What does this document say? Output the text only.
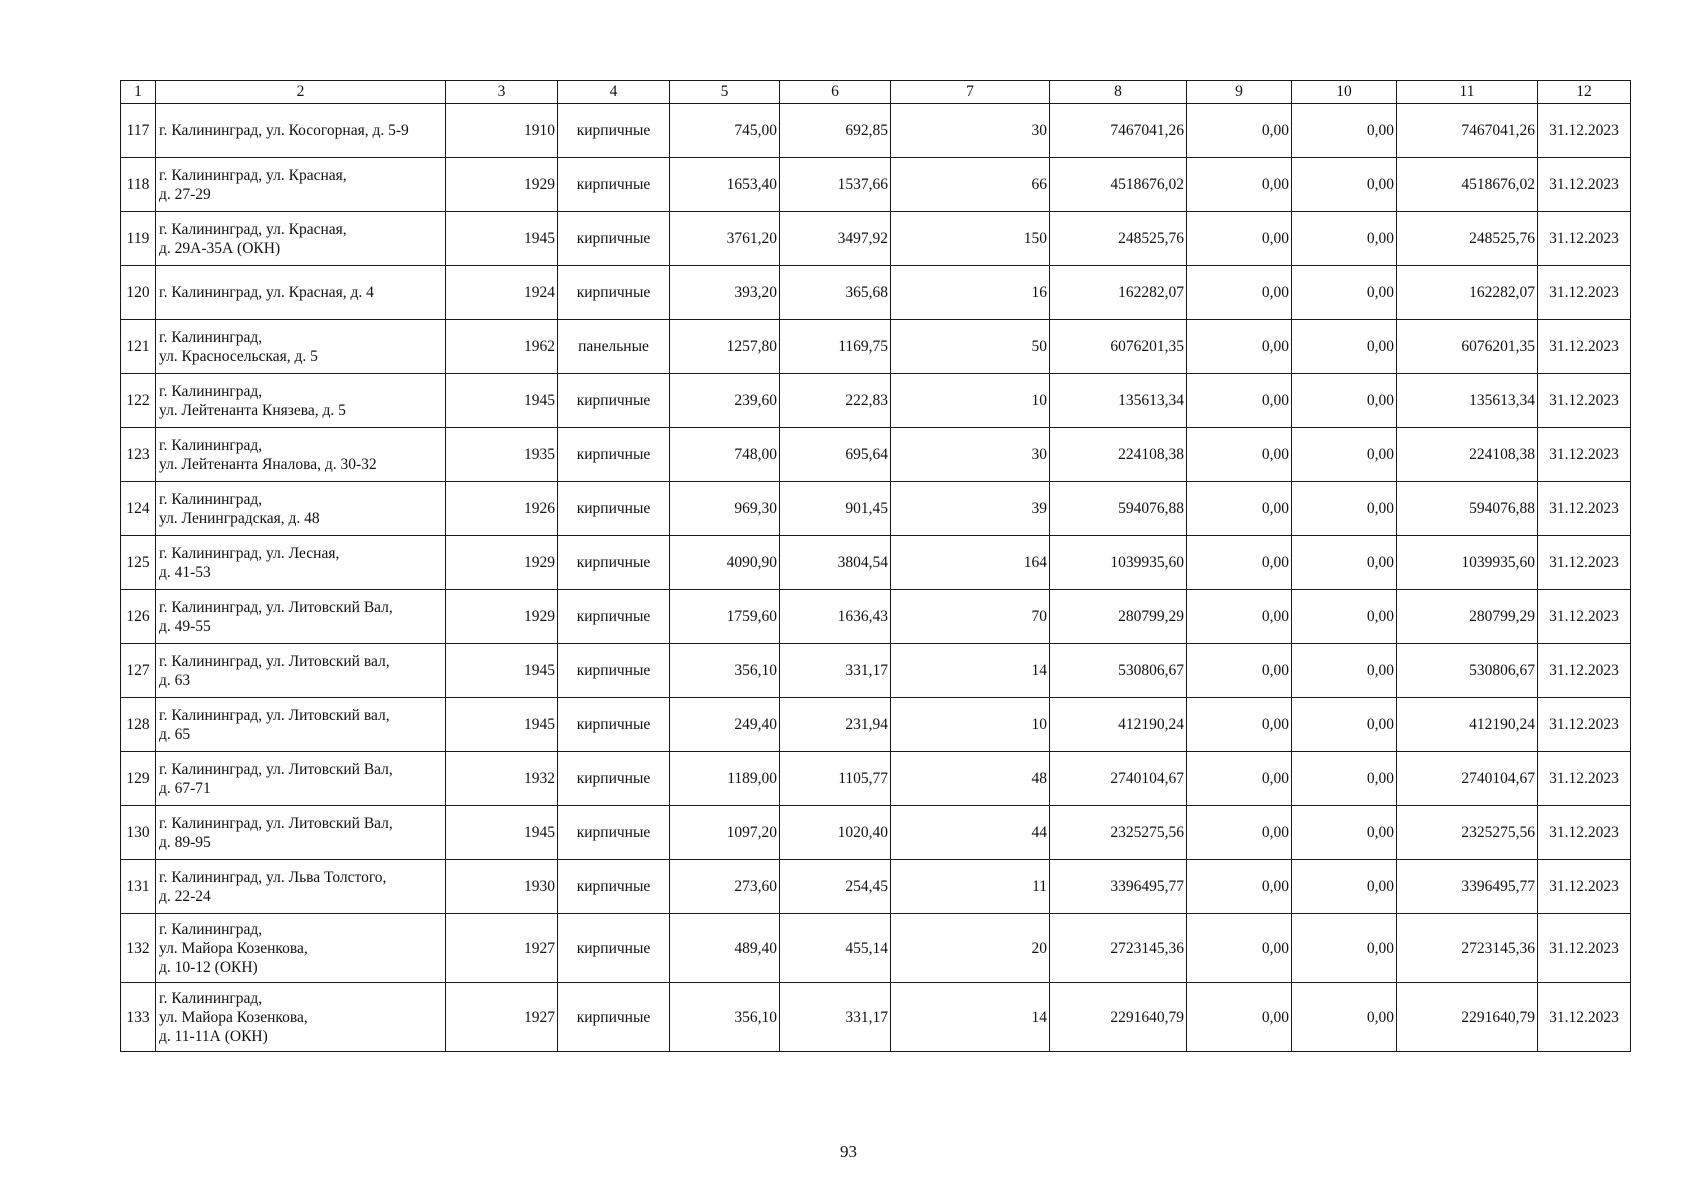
1	2	3	4	5	6	7	8	9	10	11	12
117	г. Калининград, ул. Косогорная, д. 5-9	1910	кирпичные	745,00	692,85	30	7467041,26	0,00	0,00	7467041,26	31.12.2023
118	г. Калининград, ул. Красная,
д. 27-29	1929	кирпичные	1653,40	1537,66	66	4518676,02	0,00	0,00	4518676,02	31.12.2023
119	г. Калининград, ул. Красная,
д. 29А-35А (ОКН)	1945	кирпичные	3761,20	3497,92	150	248525,76	0,00	0,00	248525,76	31.12.2023
120	г. Калининград, ул. Красная, д. 4	1924	кирпичные	393,20	365,68	16	162282,07	0,00	0,00	162282,07	31.12.2023
121	г. Калининград,
ул. Красносельская, д. 5	1962	панельные	1257,80	1169,75	50	6076201,35	0,00	0,00	6076201,35	31.12.2023
122	г. Калининград,
ул. Лейтенанта Князева, д. 5	1945	кирпичные	239,60	222,83	10	135613,34	0,00	0,00	135613,34	31.12.2023
123	г. Калининград,
ул. Лейтенанта Яналова, д. 30-32	1935	кирпичные	748,00	695,64	30	224108,38	0,00	0,00	224108,38	31.12.2023
124	г. Калининград,
ул. Ленинградская, д. 48	1926	кирпичные	969,30	901,45	39	594076,88	0,00	0,00	594076,88	31.12.2023
125	г. Калининград, ул. Лесная,
д. 41-53	1929	кирпичные	4090,90	3804,54	164	1039935,60	0,00	0,00	1039935,60	31.12.2023
126	г. Калининград, ул. Литовский Вал,
д. 49-55	1929	кирпичные	1759,60	1636,43	70	280799,29	0,00	0,00	280799,29	31.12.2023
127	г. Калининград, ул. Литовский вал,
д. 63	1945	кирпичные	356,10	331,17	14	530806,67	0,00	0,00	530806,67	31.12.2023
128	г. Калининград, ул. Литовский вал,
д. 65	1945	кирпичные	249,40	231,94	10	412190,24	0,00	0,00	412190,24	31.12.2023
129	г. Калининград, ул. Литовский Вал,
д. 67-71	1932	кирпичные	1189,00	1105,77	48	2740104,67	0,00	0,00	2740104,67	31.12.2023
130	г. Калининград, ул. Литовский Вал,
д. 89-95	1945	кирпичные	1097,20	1020,40	44	2325275,56	0,00	0,00	2325275,56	31.12.2023
131	г. Калининград, ул. Льва Толстого,
д. 22-24	1930	кирпичные	273,60	254,45	11	3396495,77	0,00	0,00	3396495,77	31.12.2023
132	г. Калининград,
ул. Майора Козенкова,
д. 10-12 (ОКН)	1927	кирпичные	489,40	455,14	20	2723145,36	0,00	0,00	2723145,36	31.12.2023
133	г. Калининград,
ул. Майора Козенкова,
д. 11-11А (ОКН)	1927	кирпичные	356,10	331,17	14	2291640,79	0,00	0,00	2291640,79	31.12.2023
93
